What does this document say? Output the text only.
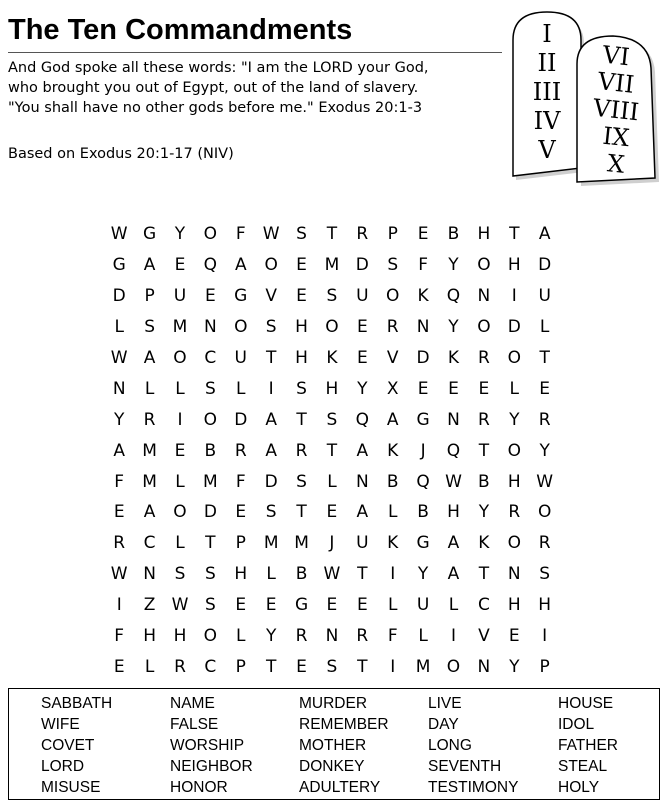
The Ten Commandments
And God spoke all these words: "I am the LORD your God,
who brought you out of Egypt, out of the land of slavery.
"You shall have no other gods before me." Exodus 20:1-3
Based on Exodus 20:1-17 (NIV)
I
II
III
IV
V
VI
VII
VIII
IX
X
W G	Y	O	F	W S	T	R	P	E	B	H	T	A
G	A	E	Q	A	O	E	M D	S	F	Y	O	H	D
D	P	U	E	G	V	E	S	U	O	K	Q	N	I	U
L	S	M N	O	S	H	O	E	R	N	Y	O	D	L
W A	O	C	U	T	H	K	E	V	D	K	R	O	T
N	L	L	S	L	I	S	H	Y	X	E	E	E	L	E
Y	R	I	O	D	A	T	S	Q	A	G	N	R	Y	R
A	M	E	B	R	A	R	T	A	K	J	Q	T	O	Y
F	M	L	M	F	D	S	L	N	B	Q W B	H W
E	A	O	D	E	S	T	E	A	L	B	H	Y	R	O
R	C	L	T	P	M M	J	U	K	G	A	K	O	R
W N	S	S	H	L	B W T	I	Y	A	T	N	S
I	Z W S	E	E	G	E	E	L	U	L	C	H	H
F	H	H	O	L	Y	R	N	R	F	L	I	V	E	I
E	L	R	C	P	T	E	S	T	I	M O	N	Y	P
SABBATH	NAME	MURDER	LIVE	HOUSE
WIFE	FALSE	REMEMBER	DAY	IDOL
COVET	WORSHIP	MOTHER	LONG	FATHER
LORD	NEIGHBOR	DONKEY	SEVENTH	STEAL
MISUSE	HONOR	ADULTERY	TESTIMONY	HOLY
